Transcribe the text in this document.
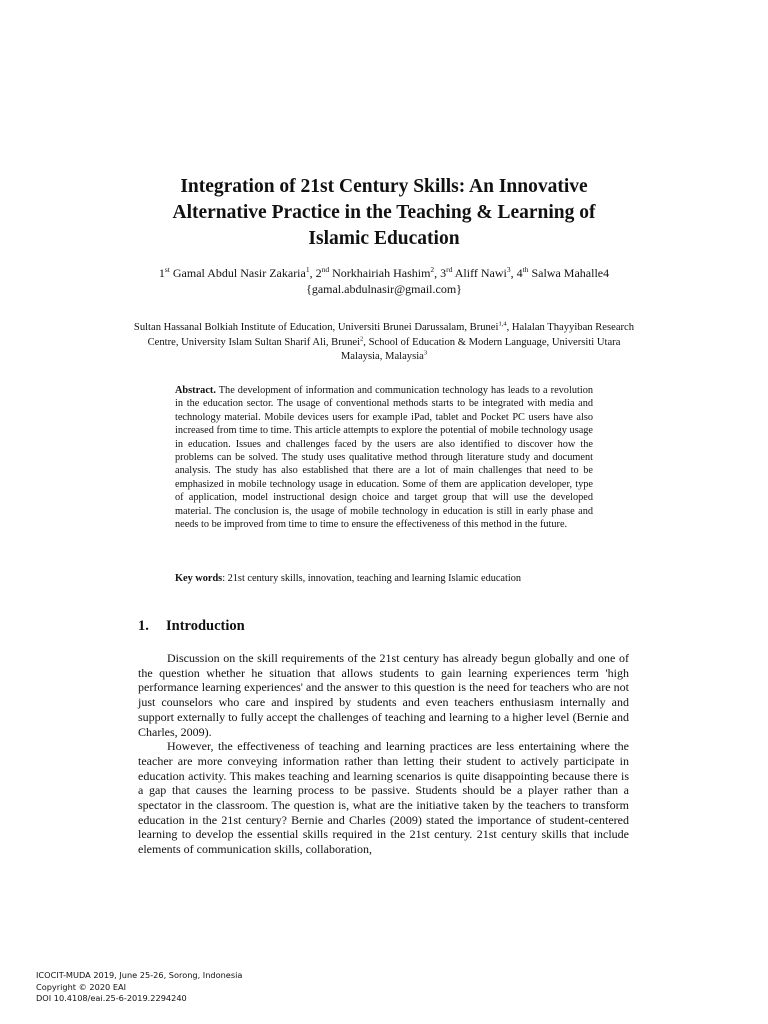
Integration of 21st Century Skills: An Innovative
Alternative Practice in the Teaching & Learning of
Islamic Education
1st Gamal Abdul Nasir Zakaria$^1$, 2nd Norkhairiah Hashim$^2$, 3rd Aliff Nawi$^3$, 4th Salwa Mahalle4
{gamal.abdulnasir@gmail.com}
Sultan Hassanal Bolkiah Institute of Education, Universiti Brunei Darussalam, Brunei$^{1,4}$, Halalan Thayyiban Research Centre, University Islam Sultan Sharif Ali, Brunei$^2$, School of Education & Modern Language, Universiti Utara Malaysia, Malaysia$^3$

Abstract. The development of information and communication technology has leads to a revolution in the education sector. The usage of conventional methods starts to be integrated with media and technology material. Mobile devices users for example iPad, tablet and Pocket PC users have also increased from time to time. This article attempts to explore the potential of mobile technology usage in education. Issues and challenges faced by the users are also identified to discover how the problems can be solved. The study uses qualitative method through literature study and document analysis. The study has also established that there are a lot of main challenges that need to be emphasized in mobile technology usage in education. Some of them are application developer, type of application, model instructional design choice and target group that will use the developed material. The conclusion is, the usage of mobile technology in education is still in early phase and needs to be improved from time to time to ensure the effectiveness of this method in the future.

Key words: 21st century skills, innovation, teaching and learning Islamic education

1. Introduction

Discussion on the skill requirements of the 21st century has already begun globally and one of the question whether he situation that allows students to gain learning experiences term 'high performance learning experiences' and the answer to this question is the need for teachers who are not just counselors who care and inspired by students and even teachers enthusiasm internally and support externally to fully accept the challenges of teaching and learning to a higher level (Bernie and Charles, 2009).

However, the effectiveness of teaching and learning practices are less entertaining where the teacher are more conveying information rather than letting their student to actively participate in education activity. This makes teaching and learning scenarios is quite disappointing because there is a gap that causes the learning process to be passive. Students should be a player rather than a spectator in the classroom. The question is, what are the initiative taken by the teachers to transform education in the 21st century? Bernie and Charles (2009) stated the importance of student-centered learning to develop the essential skills required in the 21st century. 21st century skills that include elements of communication skills, collaboration,

ICOCIT-MUDA 2019, June 25-26, Sorong, Indonesia
Copyright © 2020 EAI
DOI 10.4108/eai.25-6-2019.2294240
